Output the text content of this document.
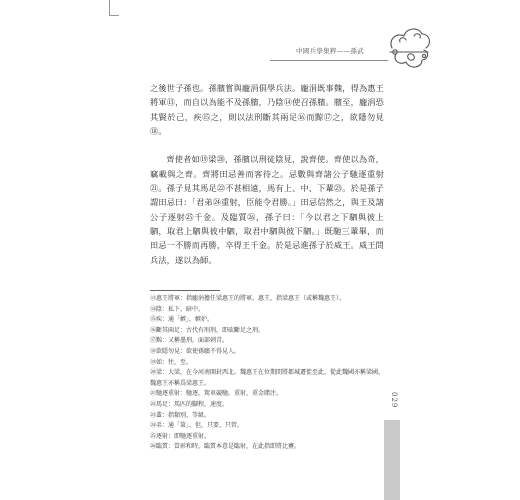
中國兵學集粹——孫武

之後世子孫也。孫臏嘗與龐涓俱學兵法。龐涓既事魏，得為惠王將軍⑬，而自以為能不及孫臏，乃陰⑭使召孫臏。臏至，龐涓恐其賢於己，疾⑮之，則以法刑斷其兩足⑯而黥⑰之，欲隱勿見⑱。

齊使者如⑲梁⑳，孫臏以刑徒陰見，說齊使。齊使以為奇，竊載與之齊。齊將田忌善而客待之。忌數與齊諸公子馳逐重射㉑。孫子見其馬足㉒不甚相遠，馬有上、中、下輩㉓。於是孫子謂田忌曰：「君弟㉔重射，臣能令君勝。」田忌信然之，與王及諸公子逐射㉕千金。及臨質㉖，孫子曰：「今以君之下駟與彼上駟，取君上駟與彼中駟，取君中駟與彼下駟。」既馳三輩畢，而田忌一不勝而再勝，卒得王千金。於是忌進孫子於威王。威王問兵法，遂以為師。

⑬惠王將軍：指龐涓擔任梁惠王的將軍。惠王，指梁惠王（或稱魏惠王）。
⑭陰：私下，暗中。
⑮疾：通「嫉」，嫉妒。
⑯斷其兩足：古代有刖刑，即砍斷足之刑。
⑰黥：又稱墨刑，面部刺青。
⑱欲隱勿見：欲使孫臏不得見人。
⑲如：往，至。
⑳梁：大梁，在今河南開封西北。魏惠王在位期間將都城遷徙至此，從此魏國亦稱梁國，魏惠王亦稱爲梁惠王。
㉑馳逐重射：馳逐，駕車競馳。重射，重金賭注。
㉒馬足：馬匹的腳程，速度。
㉓輩：指類別、等級。
㉔弟：通「第」，但，只要、只管。
㉕逐射：即馳逐重射。
㉖臨質：當彰和時，臨質本意是臨射，在此指即將比賽。
029
